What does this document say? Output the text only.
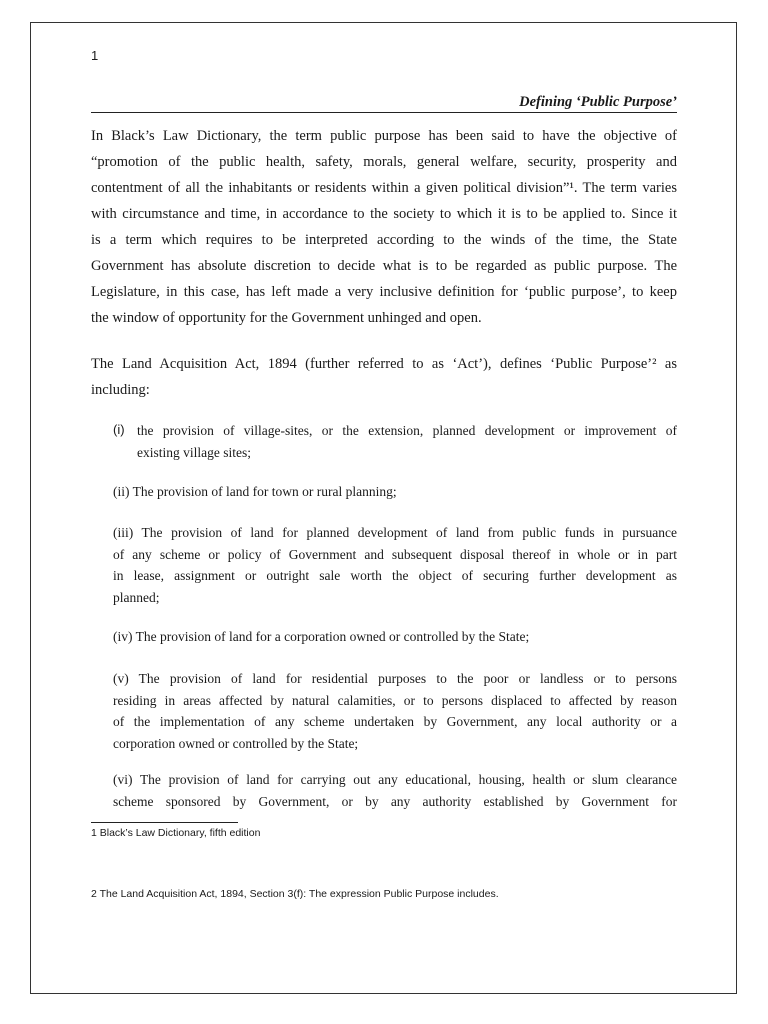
1
Defining ‘Public Purpose’
In Black’s Law Dictionary, the term public purpose has been said to have the objective of
“promotion of the public health, safety, morals, general welfare, security, prosperity and
contentment of all the inhabitants or residents within a given political division”¹. The term varies
with circumstance and time, in accordance to the society to which it is to be applied to. Since it
is a term which requires to be interpreted according to the winds of the time, the State
Government has absolute discretion to decide what is to be regarded as public purpose. The
Legislature, in this case, has left made a very inclusive definition for ‘public purpose’, to keep
the window of opportunity for the Government unhinged and open.
The Land Acquisition Act, 1894 (further referred to as ‘Act’), defines ‘Public Purpose’² as
including:
(i) the provision of village-sites, or the extension, planned development or improvement of
existing village sites;
(ii) The provision of land for town or rural planning;
(iii) The provision of land for planned development of land from public funds in pursuance
of any scheme or policy of Government and subsequent disposal thereof in whole or in part
in lease, assignment or outright sale worth the object of securing further development as
planned;
(iv) The provision of land for a corporation owned or controlled by the State;
(v) The provision of land for residential purposes to the poor or landless or to persons
residing in areas affected by natural calamities, or to persons displaced to affected by reason
of the implementation of any scheme undertaken by Government, any local authority or a
corporation owned or controlled by the State;
(vi) The provision of land for carrying out any educational, housing, health or slum clearance
scheme sponsored by Government, or by any authority established by Government for
1 Black’s Law Dictionary, fifth edition
2 The Land Acquisition Act, 1894, Section 3(f): The expression Public Purpose includes.
